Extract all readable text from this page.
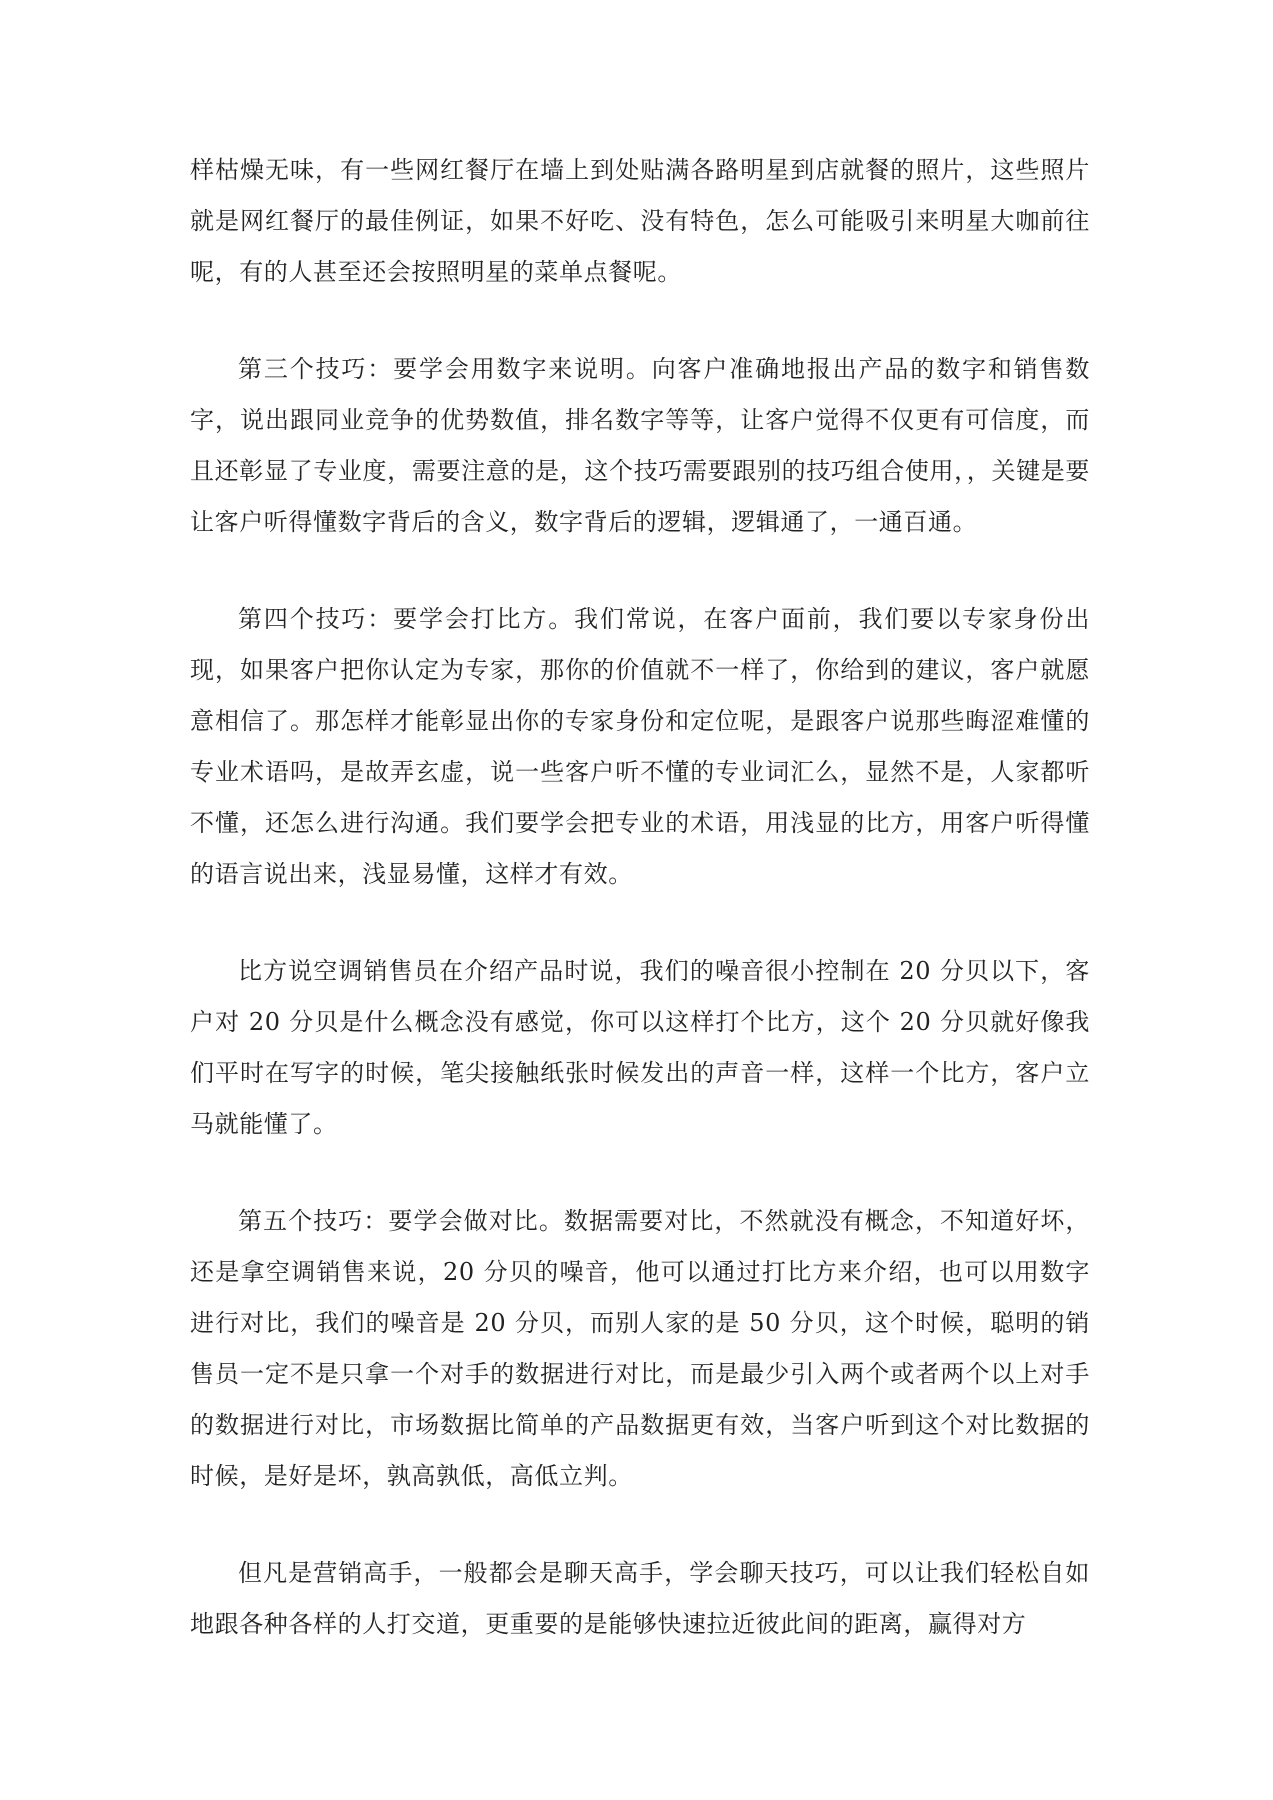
样枯燥无味，有一些网红餐厅在墙上到处贴满各路明星到店就餐的照片，这些照片就是网红餐厅的最佳例证，如果不好吃、没有特色，怎么可能吸引来明星大咖前往呢，有的人甚至还会按照明星的菜单点餐呢。

第三个技巧：要学会用数字来说明。向客户准确地报出产品的数字和销售数字，说出跟同业竞争的优势数值，排名数字等等，让客户觉得不仅更有可信度，而且还彰显了专业度，需要注意的是，这个技巧需要跟别的技巧组合使用，，关键是要让客户听得懂数字背后的含义，数字背后的逻辑，逻辑通了，一通百通。

第四个技巧：要学会打比方。我们常说，在客户面前，我们要以专家身份出现，如果客户把你认定为专家，那你的价值就不一样了，你给到的建议，客户就愿意相信了。那怎样才能彰显出你的专家身份和定位呢，是跟客户说那些晦涩难懂的专业术语吗，是故弄玄虚，说一些客户听不懂的专业词汇么，显然不是，人家都听不懂，还怎么进行沟通。我们要学会把专业的术语，用浅显的比方，用客户听得懂的语言说出来，浅显易懂，这样才有效。

比方说空调销售员在介绍产品时说，我们的噪音很小控制在 20 分贝以下，客户对 20 分贝是什么概念没有感觉，你可以这样打个比方，这个 20 分贝就好像我们平时在写字的时候，笔尖接触纸张时候发出的声音一样，这样一个比方，客户立马就能懂了。

第五个技巧：要学会做对比。数据需要对比，不然就没有概念，不知道好坏，还是拿空调销售来说，20 分贝的噪音，他可以通过打比方来介绍，也可以用数字进行对比，我们的噪音是 20 分贝，而别人家的是 50 分贝，这个时候，聪明的销售员一定不是只拿一个对手的数据进行对比，而是最少引入两个或者两个以上对手的数据进行对比，市场数据比简单的产品数据更有效，当客户听到这个对比数据的时候，是好是坏，孰高孰低，高低立判。

但凡是营销高手，一般都会是聊天高手，学会聊天技巧，可以让我们轻松自如地跟各种各样的人打交道，更重要的是能够快速拉近彼此间的距离，赢得对方
